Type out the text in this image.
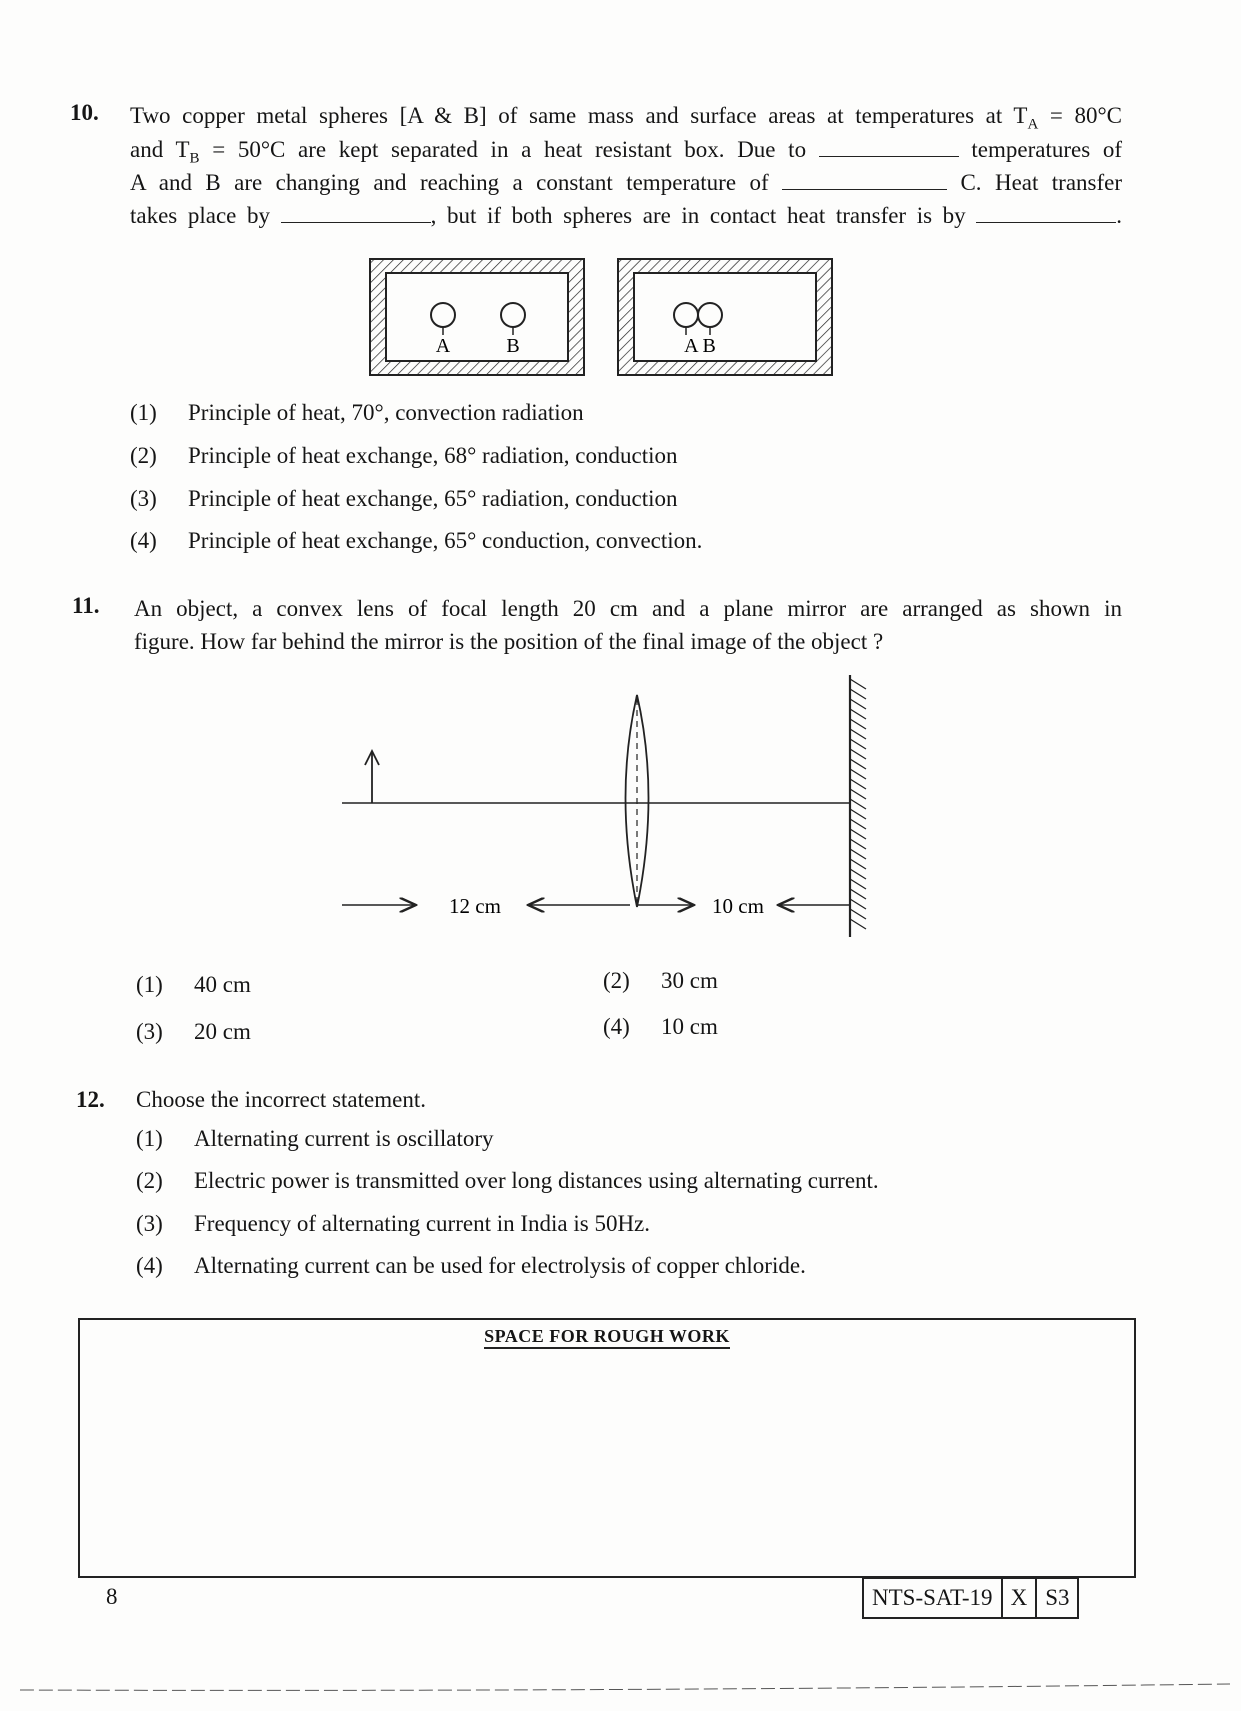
10. Two copper metal spheres [A & B] of same mass and surface areas at temperatures at $T_A = 80^\circ C$
and $T_B = 50^\circ C$ are kept separated in a heat resistant box. Due to	temperatures of
A and B are changing and reaching a constant temperature of	C. Heat transfer
takes place by	, but if both spheres are in contact heat transfer is by	.
A	B	A B
(1) Principle of heat, 70°, convection radiation
(2) Principle of heat exchange, 68° radiation, conduction
(3) Principle of heat exchange, 65° radiation, conduction
(4) Principle of heat exchange, 65° conduction, convection.
11. An object, a convex lens of focal length 20 cm and a plane mirror are arranged as shown in
figure. How far behind the mirror is the position of the final image of the object ?
12 cm	10 cm
(1) 40 cm	(2) 30 cm
(3) 20 cm	(4) 10 cm
12. Choose the incorrect statement.
(1) Alternating current is oscillatory
(2) Electric power is transmitted over long distances using alternating current.
(3) Frequency of alternating current in India is 50Hz.
(4) Alternating current can be used for electrolysis of copper chloride.
SPACE FOR ROUGH WORK
8	NTS-SAT-19 X S3
